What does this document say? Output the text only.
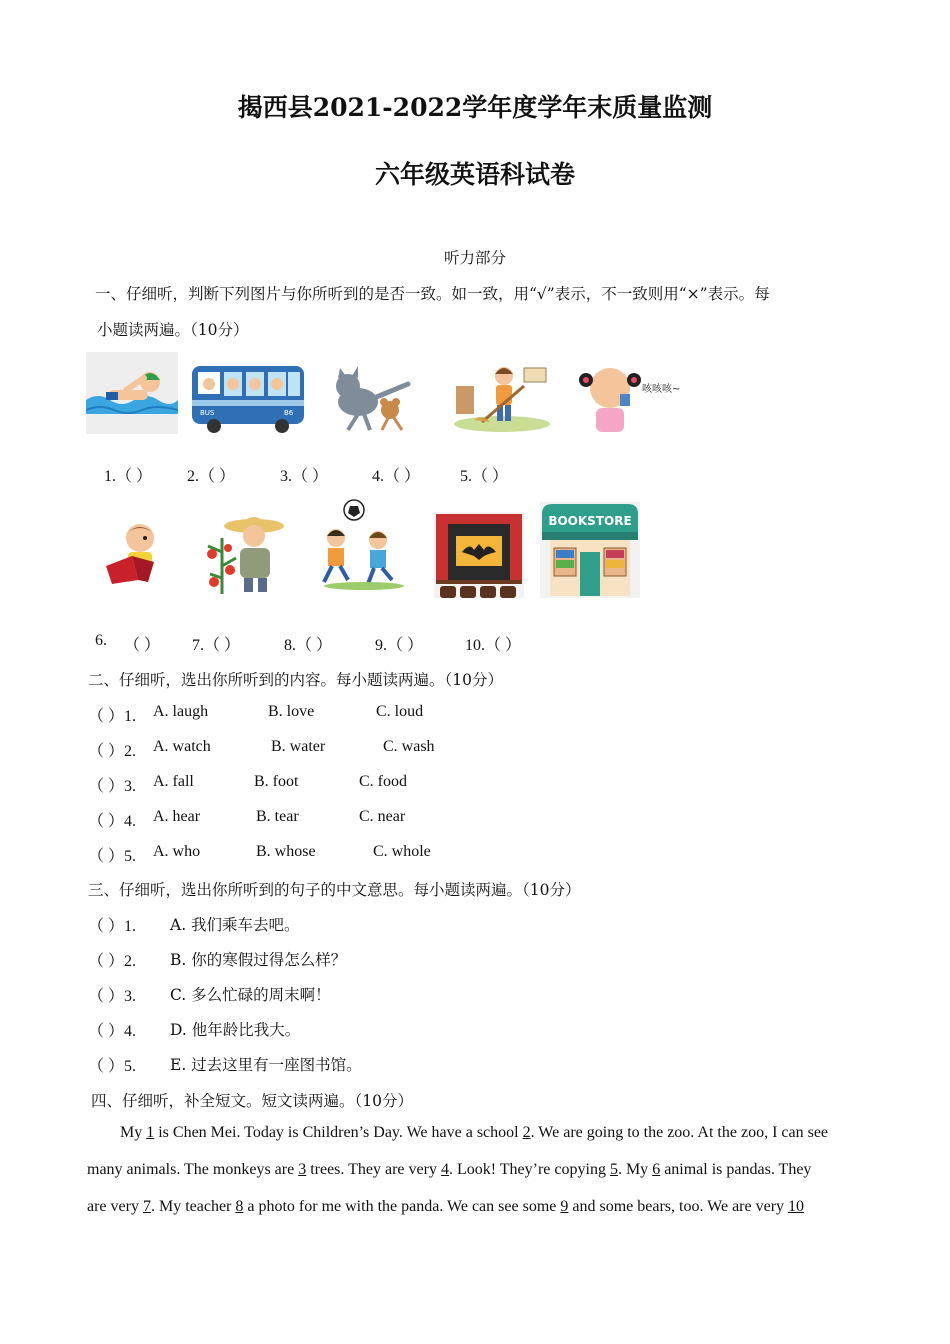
揭西县2021-2022学年度学年末质量监测
六年级英语科试卷
听力部分
一、仔细听，判断下列图片与你所听到的是否一致。如一致，用“√”表示，不一致则用“×”表示。每
小题读两遍。（10分）
BUS	B6
咳咳咳~
1.（ ） 2.（ ）	3.（ ）	4.（ ） 5.（ ）
BOOKSTORE
6. （ ） 7.（ ）	8.（ ）	9.（ ）	10.（ ）
二、仔细听，选出你所听到的内容。每小题读两遍。（10分）
（ ）1. A. laugh	B. love	C. loud
（ ）2. A. watch	B. water	C. wash
（ ）3. A. fall	B. foot	C. food
（ ）4. A. hear	B. tear	C. near
（ ）5. A. who	B. whose	C. whole
三、仔细听，选出你所听到的句子的中文意思。每小题读两遍。（10分）
（ ）1. A. 我们乘车去吧。
（ ）2. B. 你的寒假过得怎么样？
（ ）3. C. 多么忙碌的周末啊！
（ ）4. D. 他年龄比我大。
（ ）5. E. 过去这里有一座图书馆。
四、仔细听，补全短文。短文读两遍。（10分）
My 1 is Chen Mei. Today is Children’s Day. We have a school 2. We are going to the zoo. At the zoo, I can see
many animals. The monkeys are 3 trees. They are very 4. Look! They’re copying 5. My 6 animal is pandas. They
are very 7. My teacher 8 a photo for me with the panda. We can see some 9 and some bears, too. We are very 10
